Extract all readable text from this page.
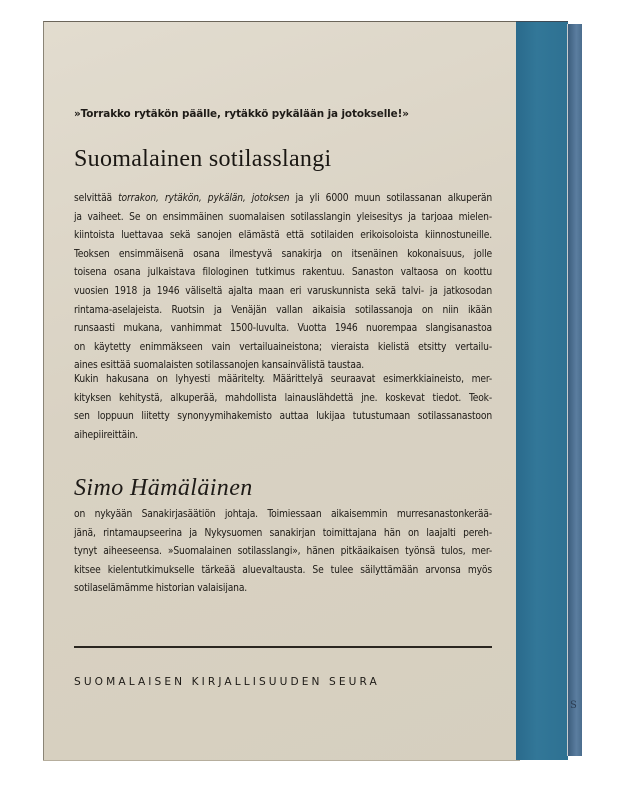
»Torrakko rytäkön päälle, rytäkkö pykälään ja jotokselle!»
Suomalainen sotilasslangi
selvittää torrakon, rytäkön, pykälän, jotoksen ja yli 6000 muun sotilassanan alkuperän
ja vaiheet. Se on ensimmäinen suomalaisen sotilasslangin yleisesitys ja tarjoaa mielen-
kiintoista luettavaa sekä sanojen elämästä että sotilaiden erikoisoloista kiinnostuneille.
Teoksen ensimmäisenä osana ilmestyvä sanakirja on itsenäinen kokonaisuus, jolle
toisena osana julkaistava filologinen tutkimus rakentuu. Sanaston valtaosa on koottu
vuosien 1918 ja 1946 väliseltä ajalta maan eri varuskunnista sekä talvi- ja jatkosodan
rintama-aselajeista. Ruotsin ja Venäjän vallan aikaisia sotilassanoja on niin ikään
runsaasti mukana, vanhimmat 1500-luvulta. Vuotta 1946 nuorempaa slangisanastoa
on käytetty enimmäkseen vain vertailuaineistona; vieraista kielistä etsitty vertailu-
aines esittää suomalaisten sotilassanojen kansainvälistä taustaa.
Kukin hakusana on lyhyesti määritelty. Määrittelyä seuraavat esimerkkiaineisto, mer-
kityksen kehitystä, alkuperää, mahdollista lainauslähdettä jne. koskevat tiedot. Teok-
sen loppuun liitetty synonyymihakemisto auttaa lukijaa tutustumaan sotilassanastoon
aihepiireittäin.
Simo Hämäläinen
on nykyään Sanakirjasäätiön johtaja. Toimiessaan aikaisemmin murresanastonkerää-
jänä, rintamaupseerina ja Nykysuomen sanakirjan toimittajana hän on laajalti pereh-
tynyt aiheeseensa. »Suomalainen sotilasslangi», hänen pitkäaikaisen työnsä tulos, mer-
kitsee kielentutkimukselle tärkeää aluevaltausta. Se tulee säilyttämään arvonsa myös
sotilaselämämme historian valaisijana.
SUOMALAISEN KIRJALLISUUDEN SEURA
S
